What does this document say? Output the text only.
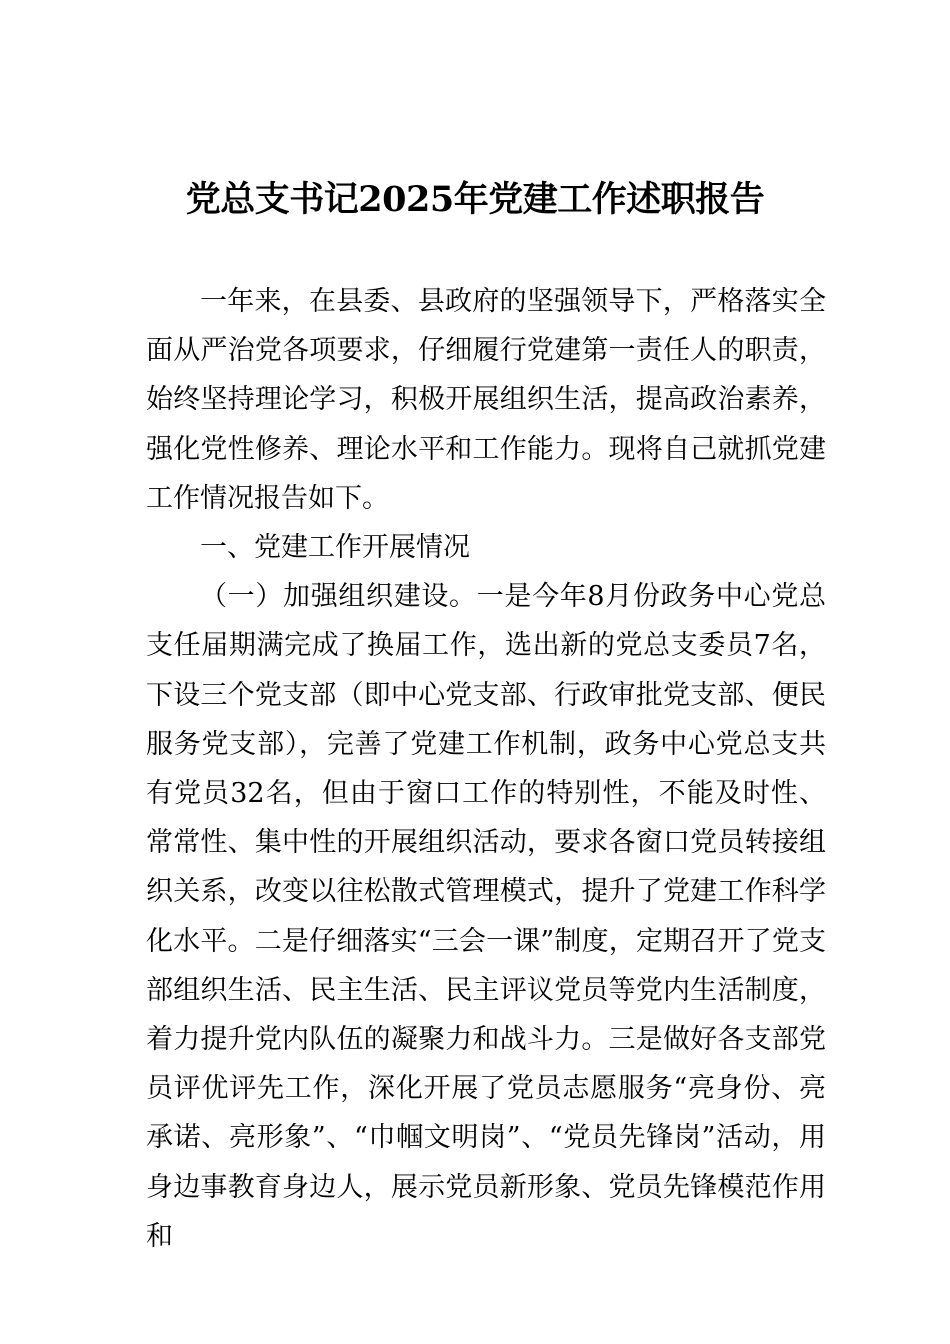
党总支书记2025年党建工作述职报告

一年来，在县委、县政府的坚强领导下，严格落实全面从严治党各项要求，仔细履行党建第一责任人的职责，始终坚持理论学习，积极开展组织生活，提高政治素养，强化党性修养、理论水平和工作能力。现将自己就抓党建工作情况报告如下。

一、党建工作开展情况

（一）加强组织建设。一是今年8月份政务中心党总支任届期满完成了换届工作，选出新的党总支委员7名，下设三个党支部（即中心党支部、行政审批党支部、便民服务党支部），完善了党建工作机制，政务中心党总支共有党员32名，但由于窗口工作的特别性，不能及时性、常常性、集中性的开展组织活动，要求各窗口党员转接组织关系，改变以往松散式管理模式，提升了党建工作科学化水平。二是仔细落实“三会一课”制度，定期召开了党支部组织生活、民主生活、民主评议党员等党内生活制度，着力提升党内队伍的凝聚力和战斗力。三是做好各支部党员评优评先工作，深化开展了党员志愿服务“亮身份、亮承诺、亮形象”、“巾帼文明岗”、“党员先锋岗”活动，用身边事教育身边人，展示党员新形象、党员先锋模范作用和
